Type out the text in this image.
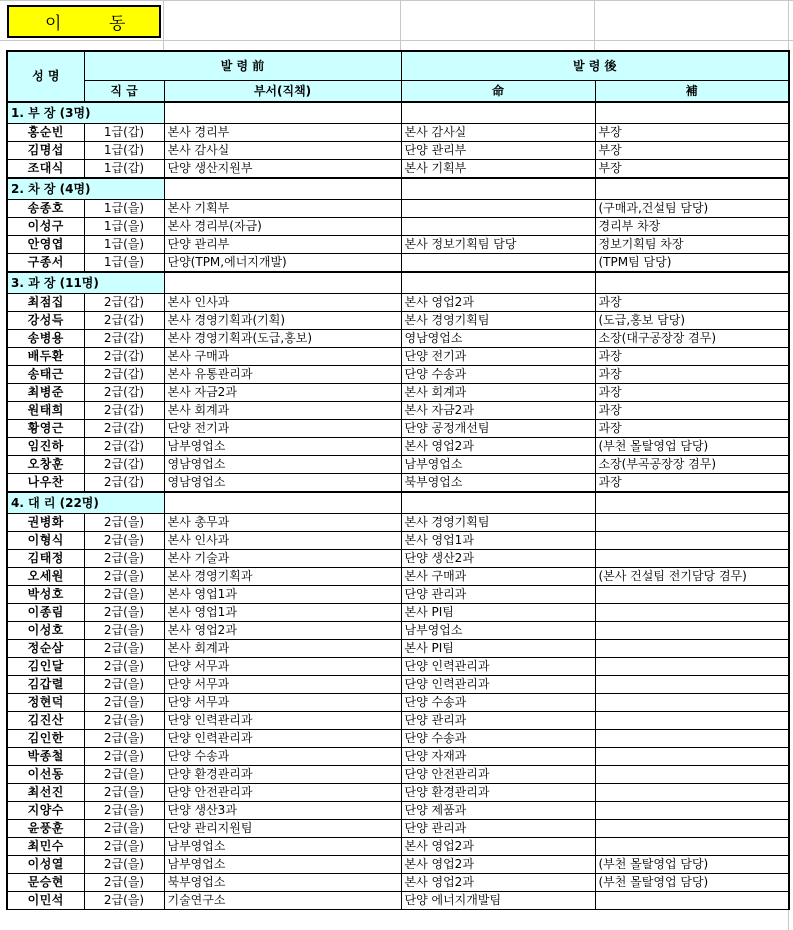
이	동
성 명	발 령 前		발 령 後	
	직 급	부서(직책)	命	補
1. 부 장 (3명)				
홍순빈	1급(갑)	본사 경리부	본사 감사실	부장
김명섭	1급(갑)	본사 감사실	단양 관리부	부장
조대식	1급(갑)	단양 생산지원부	본사 기획부	부장
2. 차 장 (4명)				
송종호	1급(을)	본사 기획부		(구매과,건설팀 담당)
이성구	1급(을)	본사 경리부(자금)		경리부 차장
안영엽	1급(을)	단양 관리부	본사 정보기획팀 담당	정보기획팀 차장
구종서	1급(을)	단양(TPM,에너지개발)		(TPM팀 담당)
3. 과 장 (11명)				
최점집	2급(갑)	본사 인사과	본사 영업2과	과장
강성득	2급(갑)	본사 경영기획과(기획)	본사 경영기획팀	(도급,홍보 담당)
송병용	2급(갑)	본사 경영기획과(도급,홍보)	영남영업소	소장(대구공장장 겸무)
배두환	2급(갑)	본사 구매과	단양 전기과	과장
송태근	2급(갑)	본사 유통관리과	단양 수송과	과장
최병준	2급(갑)	본사 자금2과	본사 회계과	과장
원태희	2급(갑)	본사 회계과	본사 자금2과	과장
황영근	2급(갑)	단양 전기과	단양 공정개선팀	과장
임진하	2급(갑)	남부영업소	본사 영업2과	(부천 몰탈영업 담당)
오창훈	2급(갑)	영남영업소	남부영업소	소장(부곡공장장 겸무)
나우찬	2급(갑)	영남영업소	북부영업소	과장
4. 대 리 (22명)				
권병화	2급(을)	본사 총무과	본사 경영기획팀	
이형식	2급(을)	본사 인사과	본사 영업1과	
김태정	2급(을)	본사 기술과	단양 생산2과	
오세원	2급(을)	본사 경영기획과	본사 구매과	(본사 건설팀 전기담당 겸무)
박성호	2급(을)	본사 영업1과	단양 관리과	
이종림	2급(을)	본사 영업1과	본사 PI팀	
이성호	2급(을)	본사 영업2과	남부영업소	
정순삼	2급(을)	본사 회계과	본사 PI팀	
김인달	2급(을)	단양 서무과	단양 인력관리과	
김갑렬	2급(을)	단양 서무과	단양 인력관리과	
정현덕	2급(을)	단양 서무과	단양 수송과	
김진산	2급(을)	단양 인력관리과	단양 관리과	
김인한	2급(을)	단양 인력관리과	단양 수송과	
박종철	2급(을)	단양 수송과	단양 자재과	
이선동	2급(을)	단양 환경관리과	단양 안전관리과	
최선진	2급(을)	단양 안전관리과	단양 환경관리과	
지양수	2급(을)	단양 생산3과	단양 제품과	
윤풍훈	2급(을)	단양 관리지원팀	단양 관리과	
최민수	2급(을)	남부영업소	본사 영업2과	
이성열	2급(을)	남부영업소	본사 영업2과	(부천 몰탈영업 담당)
문승현	2급(을)	북부영업소	본사 영업2과	(부천 몰탈영업 담당)
이민석	2급(을)	기술연구소	단양 에너지개발팀	
